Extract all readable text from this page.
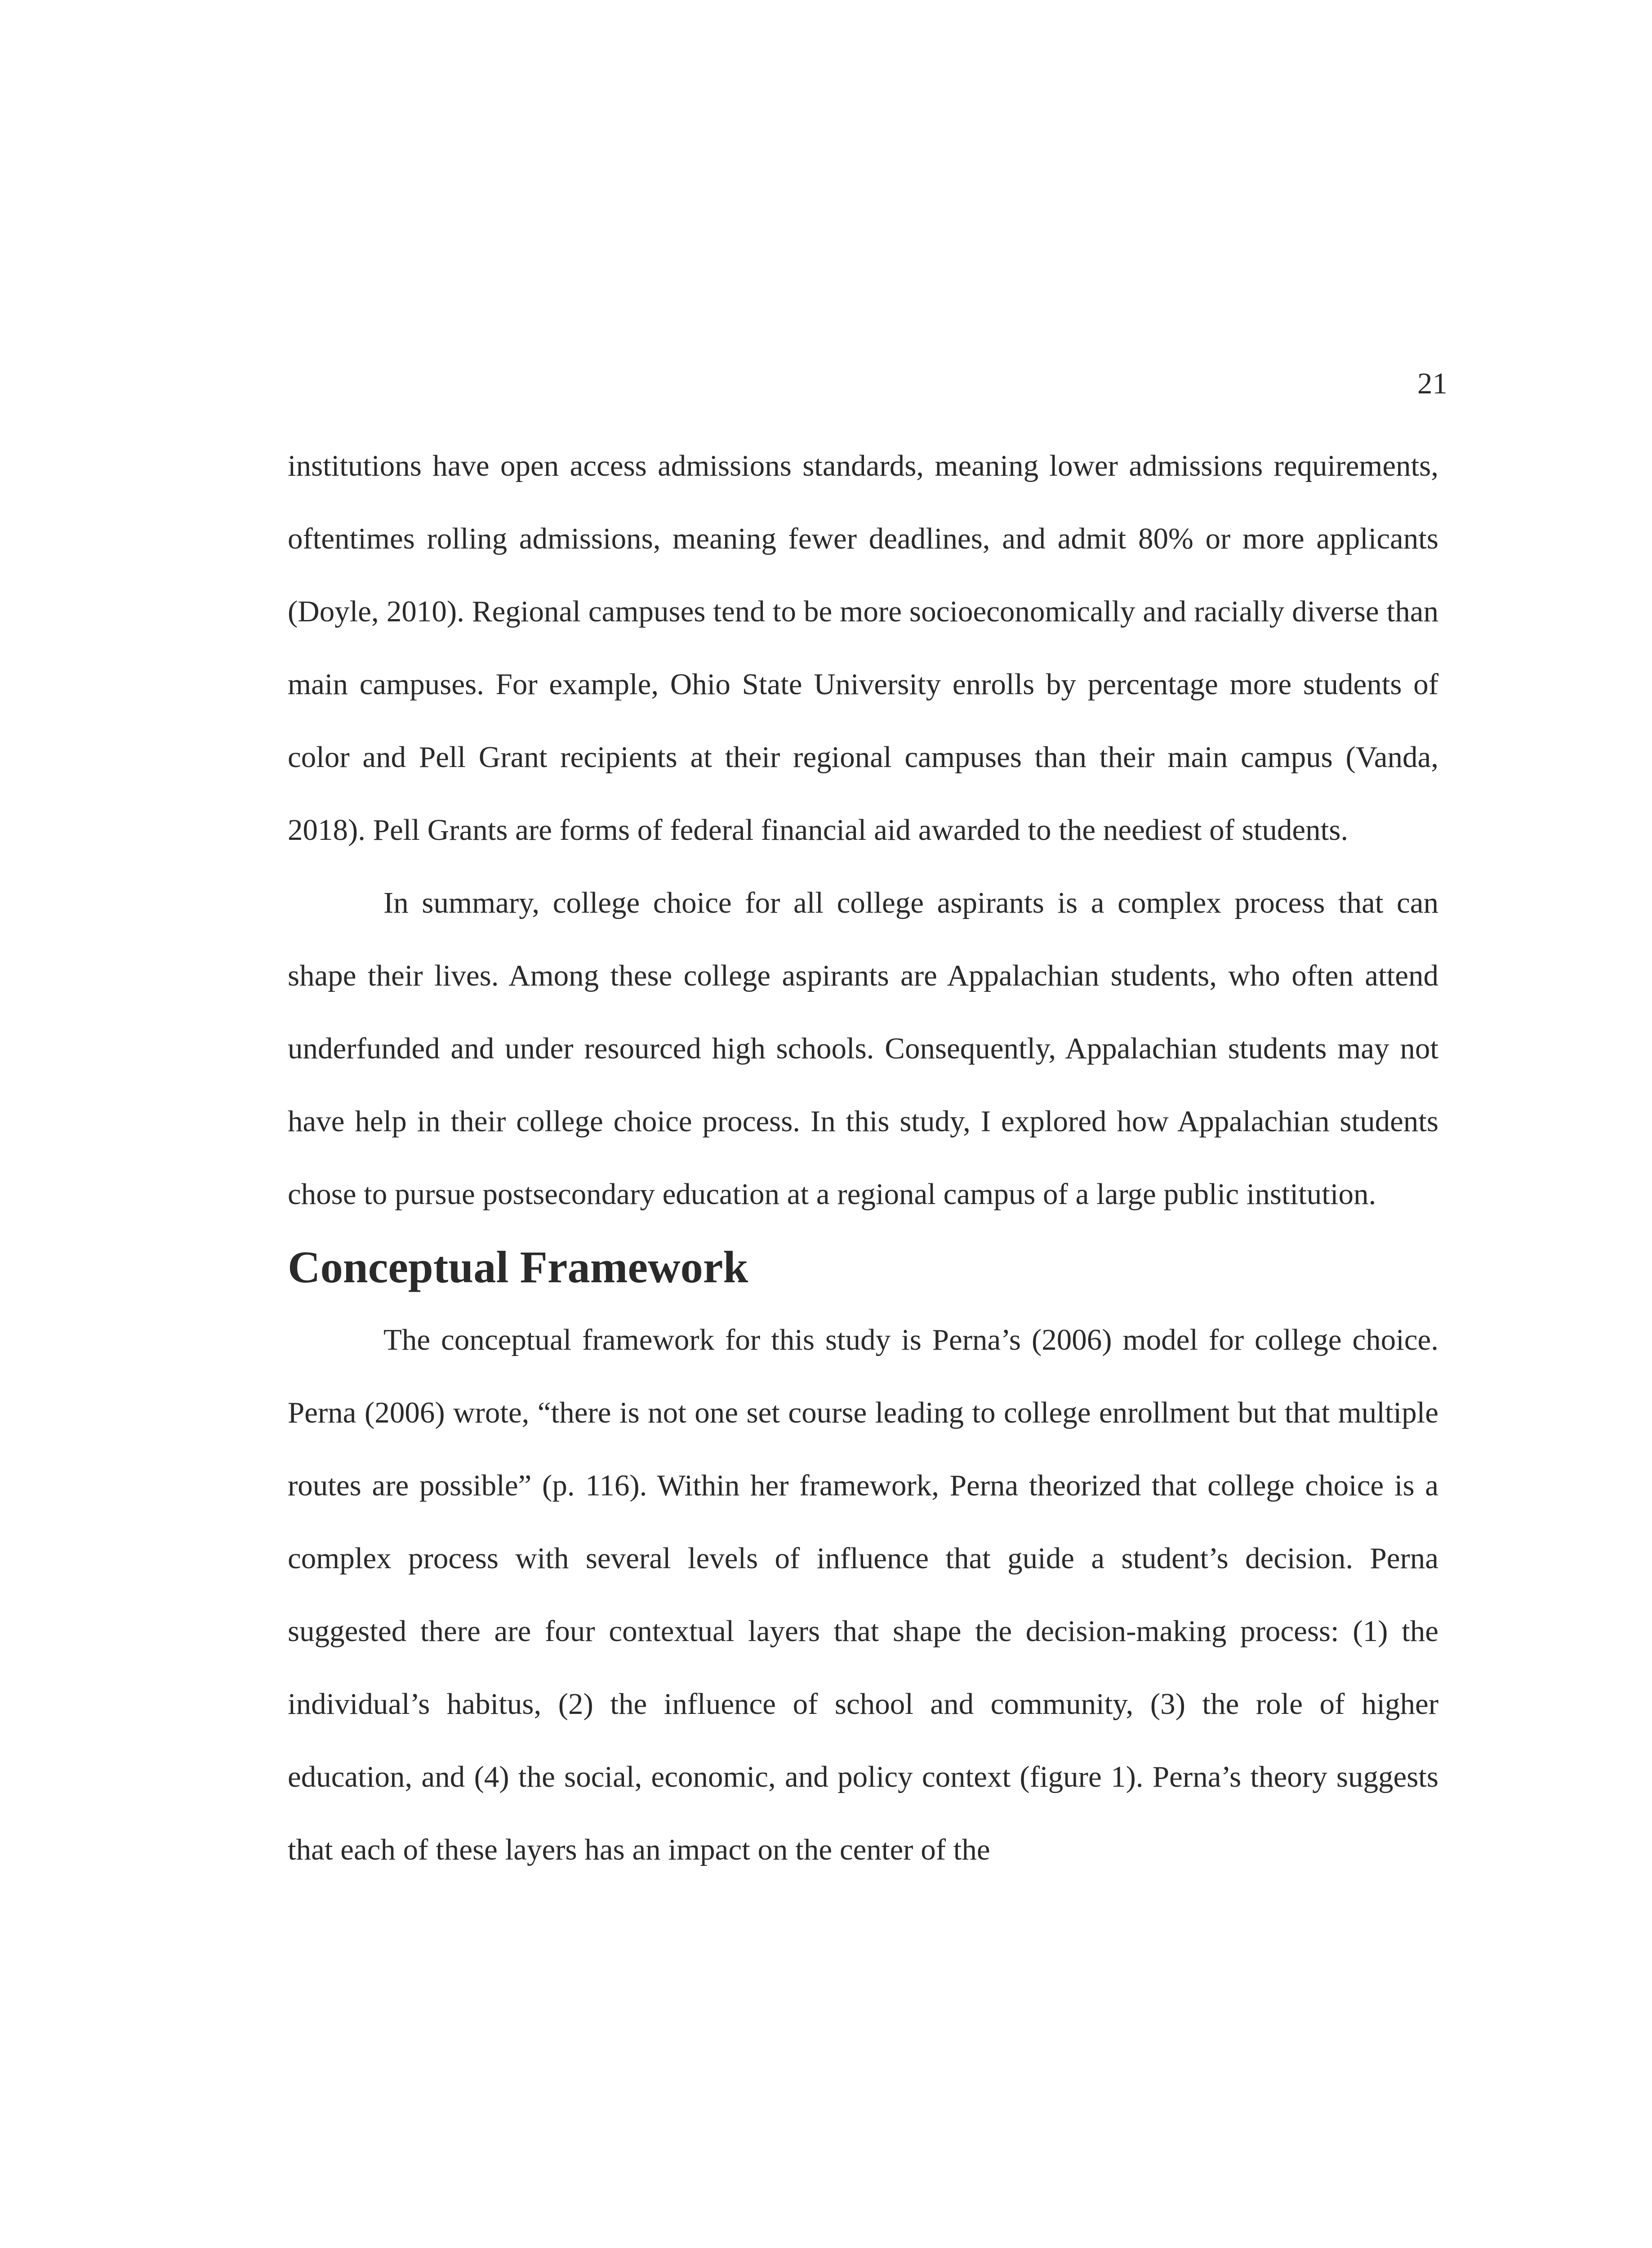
21

institutions have open access admissions standards, meaning lower admissions requirements, oftentimes rolling admissions, meaning fewer deadlines, and admit 80% or more applicants (Doyle, 2010). Regional campuses tend to be more socioeconomically and racially diverse than main campuses. For example, Ohio State University enrolls by percentage more students of color and Pell Grant recipients at their regional campuses than their main campus (Vanda, 2018). Pell Grants are forms of federal financial aid awarded to the neediest of students.

In summary, college choice for all college aspirants is a complex process that can shape their lives. Among these college aspirants are Appalachian students, who often attend underfunded and under resourced high schools. Consequently, Appalachian students may not have help in their college choice process. In this study, I explored how Appalachian students chose to pursue postsecondary education at a regional campus of a large public institution.

Conceptual Framework

The conceptual framework for this study is Perna’s (2006) model for college choice. Perna (2006) wrote, “there is not one set course leading to college enrollment but that multiple routes are possible” (p. 116). Within her framework, Perna theorized that college choice is a complex process with several levels of influence that guide a student’s decision. Perna suggested there are four contextual layers that shape the decision-making process: (1) the individual’s habitus, (2) the influence of school and community, (3) the role of higher education, and (4) the social, economic, and policy context (figure 1). Perna’s theory suggests that each of these layers has an impact on the center of the
